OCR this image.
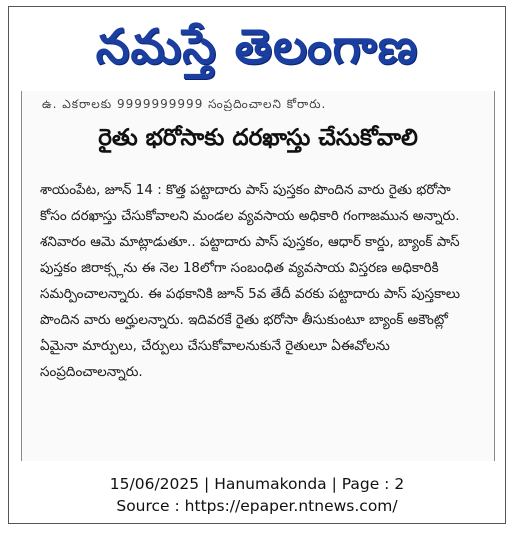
నమస్తే తెలంగాణ
ఉ. ఎకరాలకు 9999999999 సంప్రదించాలని కోరారు.
రైతు భరోసాకు దరఖాస్తు చేసుకోవాలి

శాయంపేట, జూన్ 14 : కొత్త పట్టాదారు పాస్ పుస్తకం పొందిన వారు రైతు భరోసా కోసం దరఖాస్తు చేసుకోవాలని మండల వ్యవసాయ అధికారి గంగాజమున అన్నారు. శనివారం ఆమె మాట్లాడుతూ.. పట్టాదారు పాస్ పుస్తకం, ఆధార్ కార్డు, బ్యాంక్ పాస్ పుస్తకం జిరాక్స్లను ఈ నెల 18లోగా సంబంధిత వ్యవసాయ విస్తరణ అధికారికి సమర్పించాలన్నారు. ఈ పథకానికి జూన్ 5వ తేదీ వరకు పట్టాదారు పాస్ పుస్తకాలు పొందిన వారు అర్హులన్నారు. ఇదివరకే రైతు భరోసా తీసుకుంటూ బ్యాంక్ అకౌంట్లో ఏమైనా మార్పులు, చేర్పులు చేసుకోవాలనుకునే రైతులూ ఏఈవోలను సంప్రదించాలన్నారు.

15/06/2025 | Hanumakonda | Page : 2
Source : https://epaper.ntnews.com/
